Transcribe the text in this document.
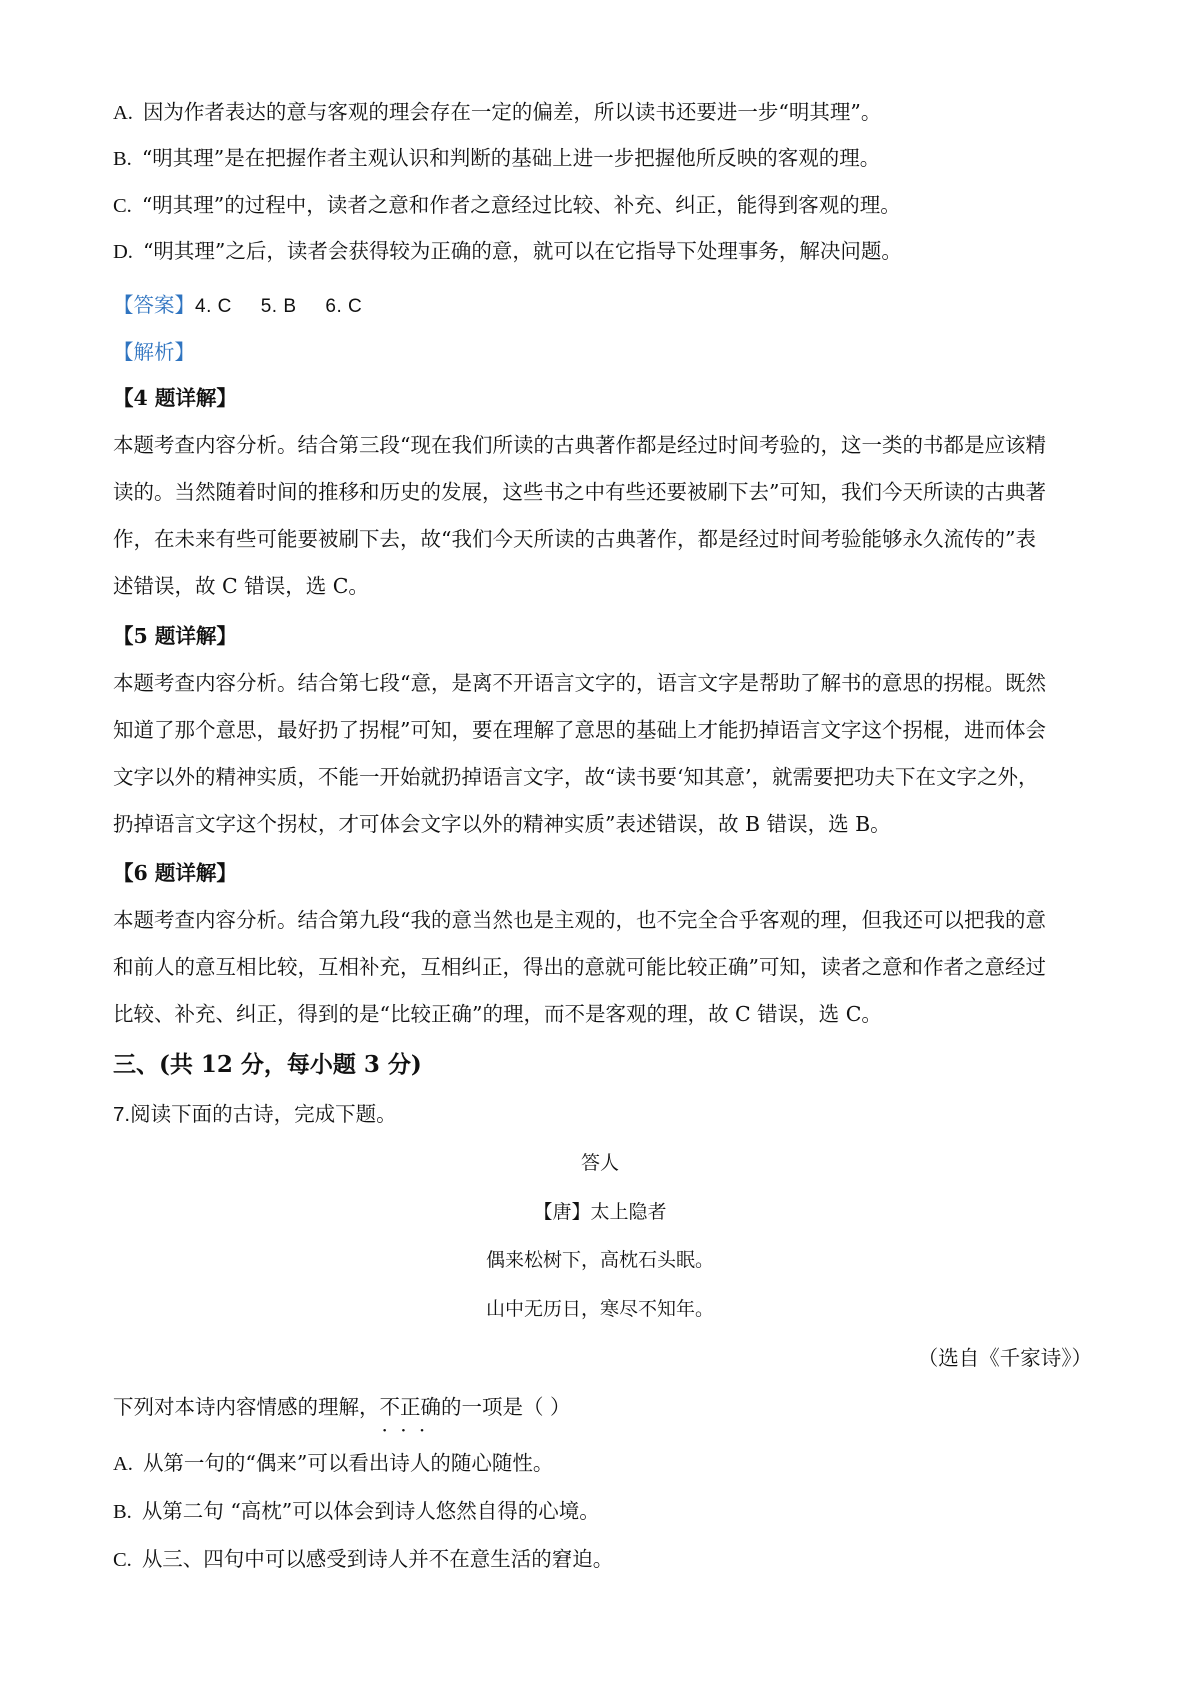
A. 因为作者表达的意与客观的理会存在一定的偏差，所以读书还要进一步“明其理”。
B. “明其理”是在把握作者主观认识和判断的基础上进一步把握他所反映的客观的理。
C. “明其理”的过程中，读者之意和作者之意经过比较、补充、纠正，能得到客观的理。
D. “明其理”之后，读者会获得较为正确的意，就可以在它指导下处理事务，解决问题。
【答案】4. C     5. B     6. C
【解析】
【4 题详解】
本题考查内容分析。结合第三段“现在我们所读的古典著作都是经过时间考验的，这一类的书都是应该精
读的。当然随着时间的推移和历史的发展，这些书之中有些还要被刷下去”可知，我们今天所读的古典著
作，在未来有些可能要被刷下去，故“我们今天所读的古典著作，都是经过时间考验能够永久流传的”表
述错误，故 C 错误，选 C。
【5 题详解】
本题考查内容分析。结合第七段“意，是离不开语言文字的，语言文字是帮助了解书的意思的拐棍。既然
知道了那个意思，最好扔了拐棍”可知，要在理解了意思的基础上才能扔掉语言文字这个拐棍，进而体会
文字以外的精神实质，不能一开始就扔掉语言文字，故“读书要‘知其意’，就需要把功夫下在文字之外，
扔掉语言文字这个拐杖，才可体会文字以外的精神实质”表述错误，故 B 错误，选 B。
【6 题详解】
本题考查内容分析。结合第九段“我的意当然也是主观的，也不完全合乎客观的理，但我还可以把我的意
和前人的意互相比较，互相补充，互相纠正，得出的意就可能比较正确”可知，读者之意和作者之意经过
比较、补充、纠正，得到的是“比较正确”的理，而不是客观的理，故 C 错误，选 C。
三、(共 12 分，每小题 3 分)
7.阅读下面的古诗，完成下题。
答人
【唐】太上隐者
偶来松树下，高枕石头眠。
山中无历日，寒尽不知年。
（选自《千家诗》）
下列对本诗内容情感的理解，不正确 · · ·的一项是（ ）
A. 从第一句的“偶来”可以看出诗人的随心随性。
B. 从第二句 “高枕”可以体会到诗人悠然自得的心境。
C. 从三、四句中可以感受到诗人并不在意生活的窘迫。
